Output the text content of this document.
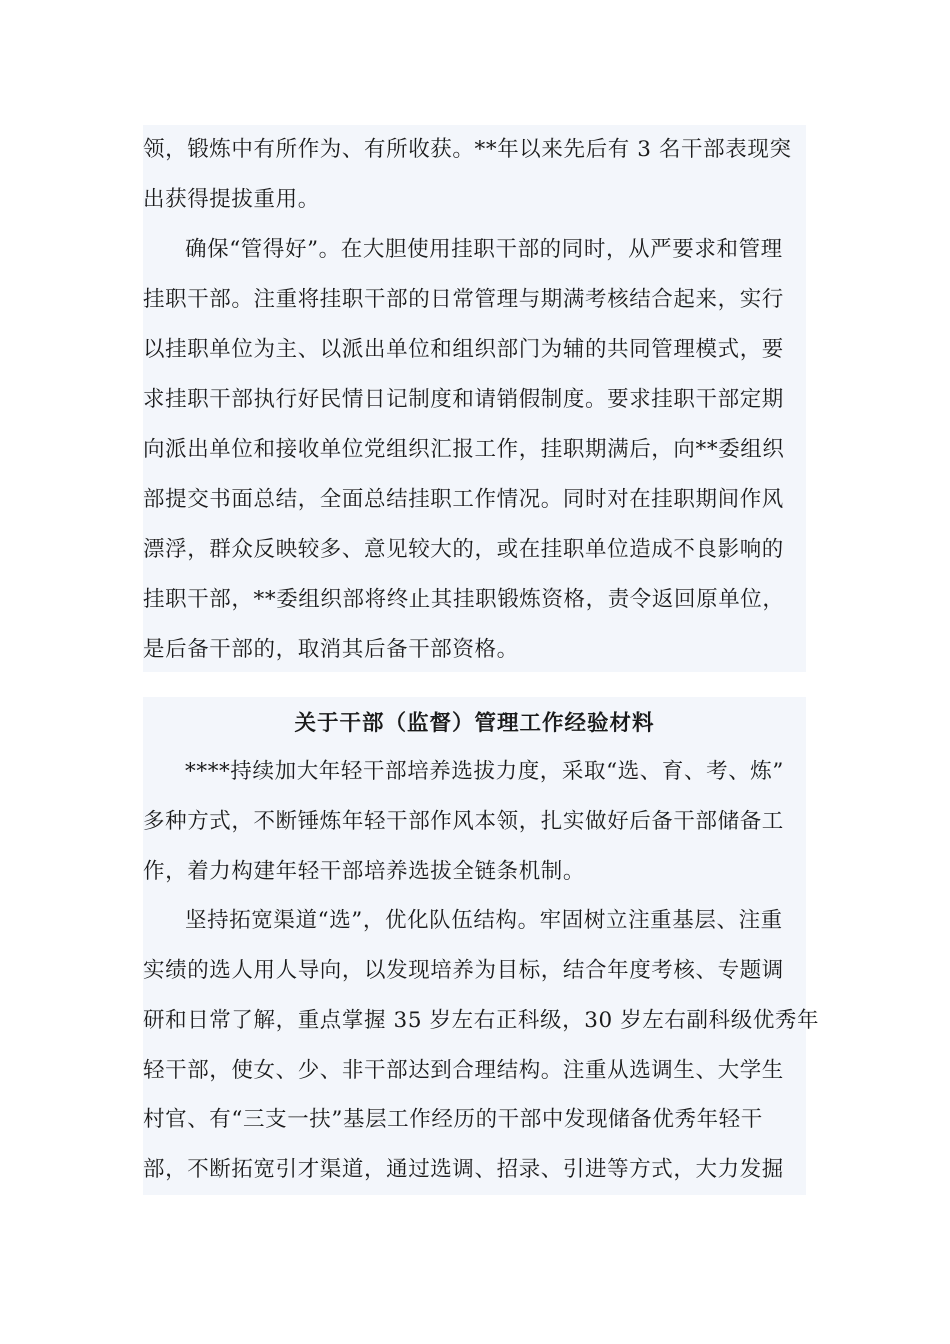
领，锻炼中有所作为、有所收获。**年以来先后有 3 名干部表现突
出获得提拔重用。
确保“管得好”。在大胆使用挂职干部的同时，从严要求和管理
挂职干部。注重将挂职干部的日常管理与期满考核结合起来，实行
以挂职单位为主、以派出单位和组织部门为辅的共同管理模式，要
求挂职干部执行好民情日记制度和请销假制度。要求挂职干部定期
向派出单位和接收单位党组织汇报工作，挂职期满后，向**委组织
部提交书面总结，全面总结挂职工作情况。同时对在挂职期间作风
漂浮，群众反映较多、意见较大的，或在挂职单位造成不良影响的
挂职干部，**委组织部将终止其挂职锻炼资格，责令返回原单位，
是后备干部的，取消其后备干部资格。
关于干部（监督）管理工作经验材料
****持续加大年轻干部培养选拔力度，采取“选、育、考、炼”
多种方式，不断锤炼年轻干部作风本领，扎实做好后备干部储备工
作，着力构建年轻干部培养选拔全链条机制。
坚持拓宽渠道“选”，优化队伍结构。牢固树立注重基层、注重
实绩的选人用人导向，以发现培养为目标，结合年度考核、专题调
研和日常了解，重点掌握 35 岁左右正科级，30 岁左右副科级优秀年
轻干部，使女、少、非干部达到合理结构。注重从选调生、大学生
村官、有“三支一扶”基层工作经历的干部中发现储备优秀年轻干
部，不断拓宽引才渠道，通过选调、招录、引进等方式，大力发掘
